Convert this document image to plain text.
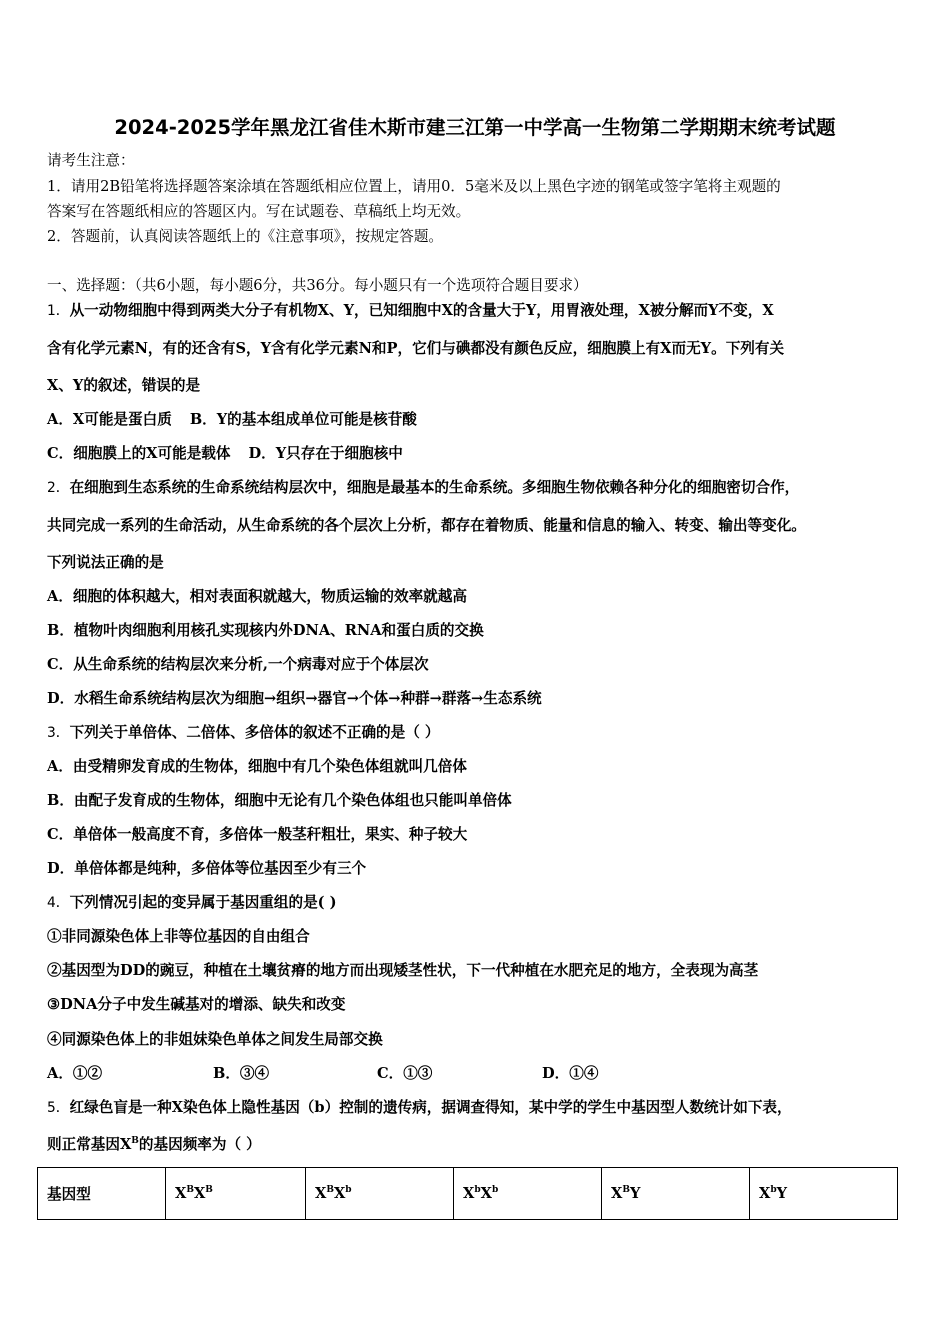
2024-2025学年黑龙江省佳木斯市建三江第一中学高一生物第二学期期末统考试题
请考生注意：
1．请用2B铅笔将选择题答案涂填在答题纸相应位置上，请用0．5毫米及以上黑色字迹的钢笔或签字笔将主观题的
答案写在答题纸相应的答题区内。写在试题卷、草稿纸上均无效。
2．答题前，认真阅读答题纸上的《注意事项》，按规定答题。
一、选择题：（共6小题，每小题6分，共36分。每小题只有一个选项符合题目要求）
1．从一动物细胞中得到两类大分子有机物X、Y，已知细胞中X的含量大于Y，用胃液处理，X被分解而Y不变，X
含有化学元素N，有的还含有S，Y含有化学元素N和P，它们与碘都没有颜色反应，细胞膜上有X而无Y。下列有关
X、Y的叙述，错误的是
A．X可能是蛋白质 B．Y的基本组成单位可能是核苷酸
C．细胞膜上的X可能是载体 D．Y只存在于细胞核中
2．在细胞到生态系统的生命系统结构层次中，细胞是最基本的生命系统。多细胞生物依赖各种分化的细胞密切合作，
共同完成一系列的生命活动，从生命系统的各个层次上分析，都存在着物质、能量和信息的输入、转变、输出等变化。
下列说法正确的是
A．细胞的体积越大，相对表面积就越大，物质运输的效率就越高
B．植物叶肉细胞利用核孔实现核内外DNA、RNA和蛋白质的交换
C．从生命系统的结构层次来分析,一个病毒对应于个体层次
D．水稻生命系统结构层次为细胞→组织→器官→个体→种群→群落→生态系统
3．下列关于单倍体、二倍体、多倍体的叙述不正确的是（ ）
A．由受精卵发育成的生物体，细胞中有几个染色体组就叫几倍体
B．由配子发育成的生物体，细胞中无论有几个染色体组也只能叫单倍体
C．单倍体一般高度不育，多倍体一般茎秆粗壮，果实、种子较大
D．单倍体都是纯种，多倍体等位基因至少有三个
4．下列情况引起的变异属于基因重组的是( )
①非同源染色体上非等位基因的自由组合
②基因型为DD的豌豆，种植在土壤贫瘠的地方而出现矮茎性状，下一代种植在水肥充足的地方，全表现为高茎
③DNA分子中发生碱基对的增添、缺失和改变
④同源染色体上的非姐妹染色单体之间发生局部交换
A．①②	B．③④	C．①③	D．①④
5．红绿色盲是一种X染色体上隐性基因（b）控制的遗传病，据调查得知，某中学的学生中基因型人数统计如下表，
则正常基因$X^B$的基因频率为（ ）
基因型	$X^BX^B$	$X^BX^b$	$X^bX^b$	$X^BY$	$X^bY$
